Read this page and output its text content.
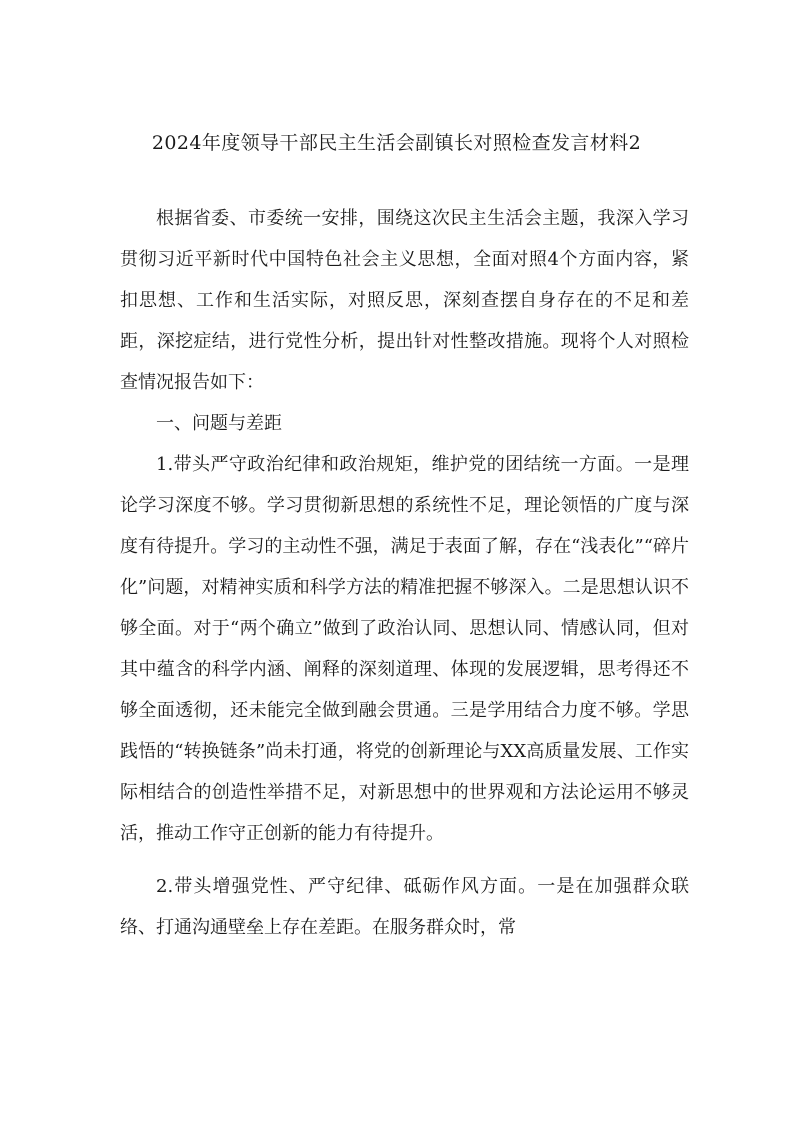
2024年度领导干部民主生活会副镇长对照检查发言材料2

根据省委、市委统一安排，围绕这次民主生活会主题，我深入学习贯彻习近平新时代中国特色社会主义思想，全面对照4个方面内容，紧扣思想、工作和生活实际，对照反思，深刻查摆自身存在的不足和差距，深挖症结，进行党性分析，提出针对性整改措施。现将个人对照检查情况报告如下：

一、问题与差距

1.带头严守政治纪律和政治规矩，维护党的团结统一方面。一是理论学习深度不够。学习贯彻新思想的系统性不足，理论领悟的广度与深度有待提升。学习的主动性不强，满足于表面了解，存在“浅表化”“碎片化”问题，对精神实质和科学方法的精准把握不够深入。二是思想认识不够全面。对于“两个确立”做到了政治认同、思想认同、情感认同，但对其中蕴含的科学内涵、阐释的深刻道理、体现的发展逻辑，思考得还不够全面透彻，还未能完全做到融会贯通。三是学用结合力度不够。学思践悟的“转换链条”尚未打通，将党的创新理论与XX高质量发展、工作实际相结合的创造性举措不足，对新思想中的世界观和方法论运用不够灵活，推动工作守正创新的能力有待提升。

2.带头增强党性、严守纪律、砥砺作风方面。一是在加强群众联络、打通沟通壁垒上存在差距。在服务群众时，常
